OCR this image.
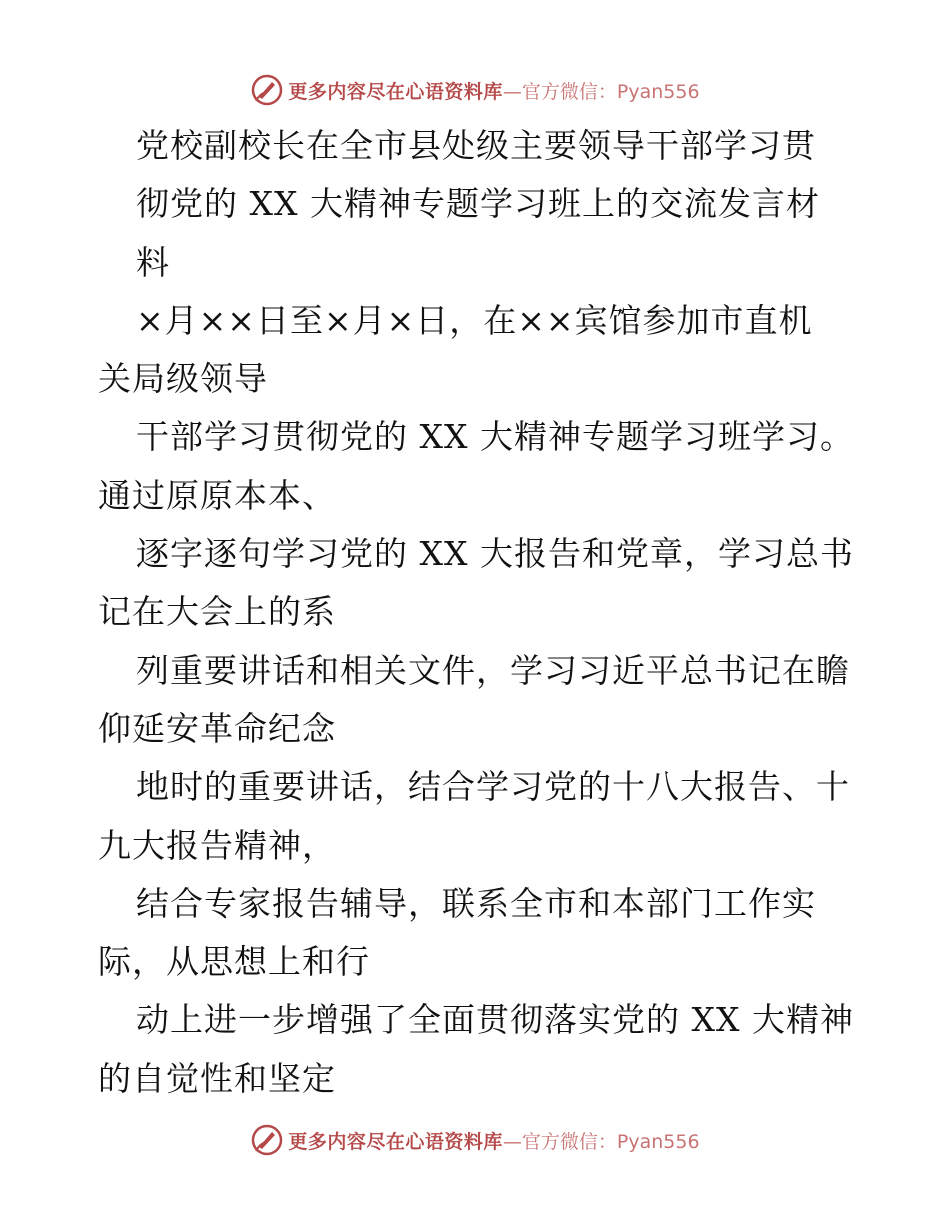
更多内容尽在心语资料库 —官方微信：Pyan556
党校副校长在全市县处级主要领导干部学习贯
彻党的 XX 大精神专题学习班上的交流发言材
料
×月××日至×月×日，在××宾馆参加市直机
关局级领导
干部学习贯彻党的 XX 大精神专题学习班学习。
通过原原本本、
逐字逐句学习党的 XX 大报告和党章，学习总书
记在大会上的系
列重要讲话和相关文件，学习习近平总书记在瞻
仰延安革命纪念
地时的重要讲话，结合学习党的十八大报告、十
九大报告精神，
结合专家报告辅导，联系全市和本部门工作实
际，从思想上和行
动上进一步增强了全面贯彻落实党的 XX 大精神
的自觉性和坚定
更多内容尽在心语资料库 —官方微信：Pyan556
